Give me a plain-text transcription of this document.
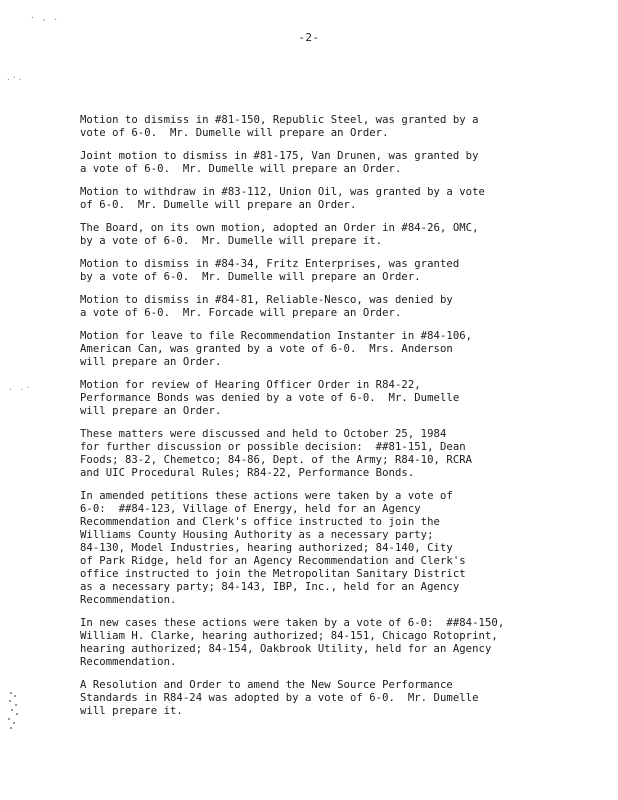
· , .
.·.
. .·
-2-

Motion to dismiss in #81-150, Republic Steel, was granted by a
vote of 6-0.  Mr. Dumelle will prepare an Order.

Joint motion to dismiss in #81-175, Van Drunen, was granted by
a vote of 6-0.  Mr. Dumelle will prepare an Order.

Motion to withdraw in #83-112, Union Oil, was granted by a vote
of 6-0.  Mr. Dumelle will prepare an Order.

The Board, on its own motion, adopted an Order in #84-26, OMC,
by a vote of 6-0.  Mr. Dumelle will prepare it.

Motion to dismiss in #84-34, Fritz Enterprises, was granted
by a vote of 6-0.  Mr. Dumelle will prepare an Order.

Motion to dismiss in #84-81, Reliable-Nesco, was denied by
a vote of 6-0.  Mr. Forcade will prepare an Order.

Motion for leave to file Recommendation Instanter in #84-106,
American Can, was granted by a vote of 6-0.  Mrs. Anderson
will prepare an Order.

Motion for review of Hearing Officer Order in R84-22,
Performance Bonds was denied by a vote of 6-0.  Mr. Dumelle
will prepare an Order.

These matters were discussed and held to October 25, 1984
for further discussion or possible decision:  ##81-151, Dean
Foods; 83-2, Chemetco; 84-86, Dept. of the Army; R84-10, RCRA
and UIC Procedural Rules; R84-22, Performance Bonds.

In amended petitions these actions were taken by a vote of
6-0:  ##84-123, Village of Energy, held for an Agency
Recommendation and Clerk's office instructed to join the
Williams County Housing Authority as a necessary party;
84-130, Model Industries, hearing authorized; 84-140, City
of Park Ridge, held for an Agency Recommendation and Clerk's
office instructed to join the Metropolitan Sanitary District
as a necessary party; 84-143, IBP, Inc., held for an Agency
Recommendation.

In new cases these actions were taken by a vote of 6-0:  ##84-150,
William H. Clarke, hearing authorized; 84-151, Chicago Rotoprint,
hearing authorized; 84-154, Oakbrook Utility, held for an Agency
Recommendation.

A Resolution and Order to amend the New Source Performance
Standards in R84-24 was adopted by a vote of 6-0.  Mr. Dumelle
will prepare it.
